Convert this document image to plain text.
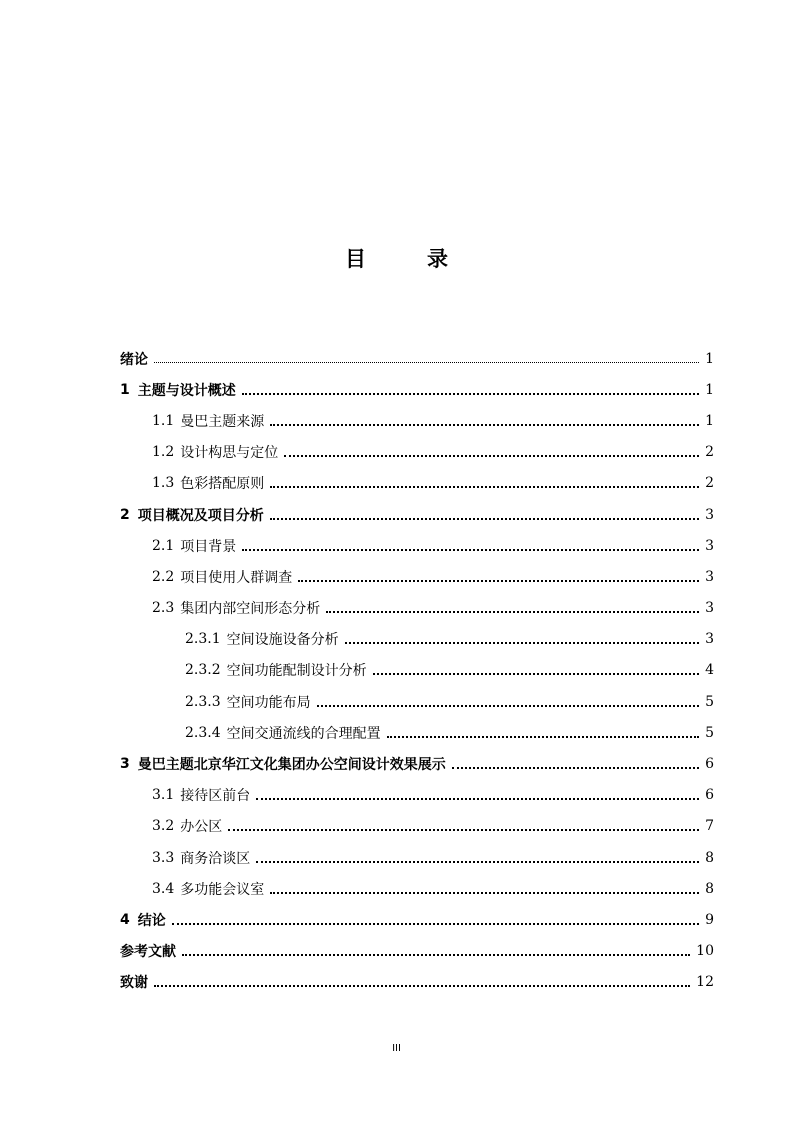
目　录
绪论	1
1 主题与设计概述	1
1.1 曼巴主题来源	1
1.2 设计构思与定位	2
1.3 色彩搭配原则	2
2 项目概况及项目分析	3
2.1 项目背景	3
2.2 项目使用人群调查	3
2.3 集团内部空间形态分析	3
2.3.1 空间设施设备分析	3
2.3.2 空间功能配制设计分析	4
2.3.3 空间功能布局	5
2.3.4 空间交通流线的合理配置	5
3 曼巴主题北京华江文化集团办公空间设计效果展示	6
3.1 接待区前台	6
3.2 办公区	7
3.3 商务洽谈区	8
3.4 多功能会议室	8
4 结论	9
参考文献	10
致谢	12
III
